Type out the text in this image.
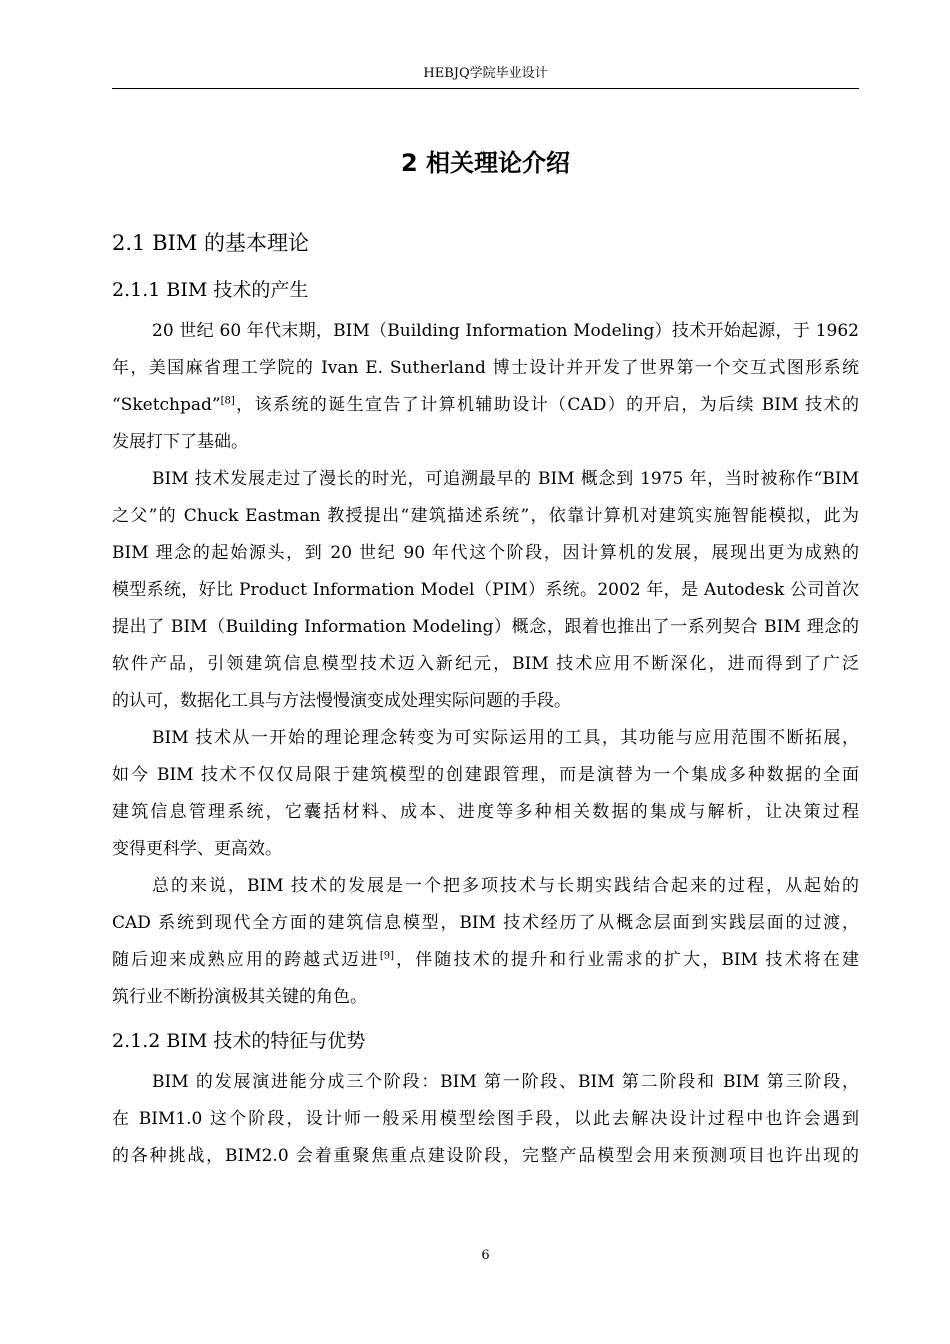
HEBJQ学院毕业设计
2 相关理论介绍
2.1 BIM 的基本理论
2.1.1 BIM 技术的产生
20 世纪 60 年代末期，BIM（Building Information Modeling）技术开始起源，于 1962
年，美国麻省理工学院的 Ivan E. Sutherland 博士设计并开发了世界第一个交互式图形系统
“Sketchpad”[8]，该系统的诞生宣告了计算机辅助设计（CAD）的开启，为后续 BIM 技术的
发展打下了基础。
BIM 技术发展走过了漫长的时光，可追溯最早的 BIM 概念到 1975 年，当时被称作“BIM
之父”的 Chuck Eastman 教授提出“建筑描述系统”，依靠计算机对建筑实施智能模拟，此为
BIM 理念的起始源头，到 20 世纪 90 年代这个阶段，因计算机的发展，展现出更为成熟的
模型系统，好比 Product Information Model（PIM）系统。2002 年，是 Autodesk 公司首次
提出了 BIM（Building Information Modeling）概念，跟着也推出了一系列契合 BIM 理念的
软件产品，引领建筑信息模型技术迈入新纪元，BIM 技术应用不断深化，进而得到了广泛
的认可，数据化工具与方法慢慢演变成处理实际问题的手段。
BIM 技术从一开始的理论理念转变为可实际运用的工具，其功能与应用范围不断拓展，
如今 BIM 技术不仅仅局限于建筑模型的创建跟管理，而是演替为一个集成多种数据的全面
建筑信息管理系统，它囊括材料、成本、进度等多种相关数据的集成与解析，让决策过程
变得更科学、更高效。
总的来说，BIM 技术的发展是一个把多项技术与长期实践结合起来的过程，从起始的
CAD 系统到现代全方面的建筑信息模型，BIM 技术经历了从概念层面到实践层面的过渡，
随后迎来成熟应用的跨越式迈进[9]，伴随技术的提升和行业需求的扩大，BIM 技术将在建
筑行业不断扮演极其关键的角色。
2.1.2 BIM 技术的特征与优势
BIM 的发展演进能分成三个阶段：BIM 第一阶段、BIM 第二阶段和 BIM 第三阶段，
在 BIM1.0 这个阶段，设计师一般采用模型绘图手段，以此去解决设计过程中也许会遇到
的各种挑战，BIM2.0 会着重聚焦重点建设阶段，完整产品模型会用来预测项目也许出现的
6
